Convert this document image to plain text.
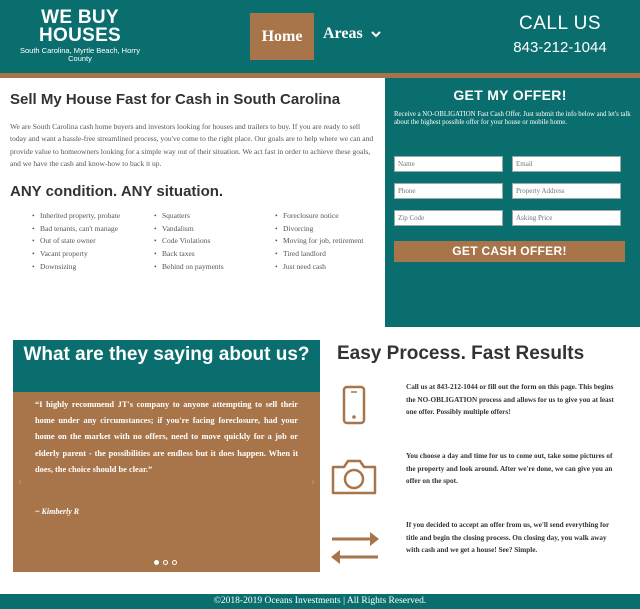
WE BUY
HOUSES
South Carolina, Myrtle Beach, Horry County
Home	Areas	CALL US
843-212-1044
Sell My House Fast for Cash in South Carolina

We are South Carolina cash home buyers and investors looking for houses and trailers to buy. If you are ready to sell today and want a hassle-free streamlined process, you've come to the right place. Our goals are to help where we can and provide value to homeowners looking for a simple way out of their situation. We act fast in order to achieve these goals, and we have the cash and know-how to back it up.

ANY condition. ANY situation.
• Inherited property, probate
• Bad tenants, can't manage
• Out of state owner
• Vacant property
• Downsizing
• Squatters
• Vandalism
• Code Violations
• Back taxes
• Behind on payments
• Foreclosure notice
• Divorcing
• Moving for job, retirement
• Tired landlord
• Just need cash
GET MY OFFER!
Receive a NO-OBLIGATION Fast Cash Offer. Just submit the info below and let's talk about the highest possible offer for your house or mobile home.
Name
Email
Phone
Property Address
Zip Code
Asking Price
GET CASH OFFER!
What are they saying about us?
‹
“I highly recommend JT's company to anyone attempting to sell their home under any circumstances; if you're facing foreclosure, had your home on the market with no offers, need to move quickly for a job or elderly parent - the possibilities are endless but it does happen. When it does, the choice should be clear.”
~ Kimberly R
›
Easy Process. Fast Results
Call us at 843-212-1044 or fill out the form on this page. This begins the NO-OBLIGATION process and allows for us to give you at least one offer. Possibly multiple offers!
You choose a day and time for us to come out, take some pictures of the property and look around. After we're done, we can give you an offer on the spot.
If you decided to accept an offer from us, we'll send everything for title and begin the closing process. On closing day, you walk away with cash and we get a house! See? Simple.
©2018-2019 Oceans Investments | All Rights Reserved.
